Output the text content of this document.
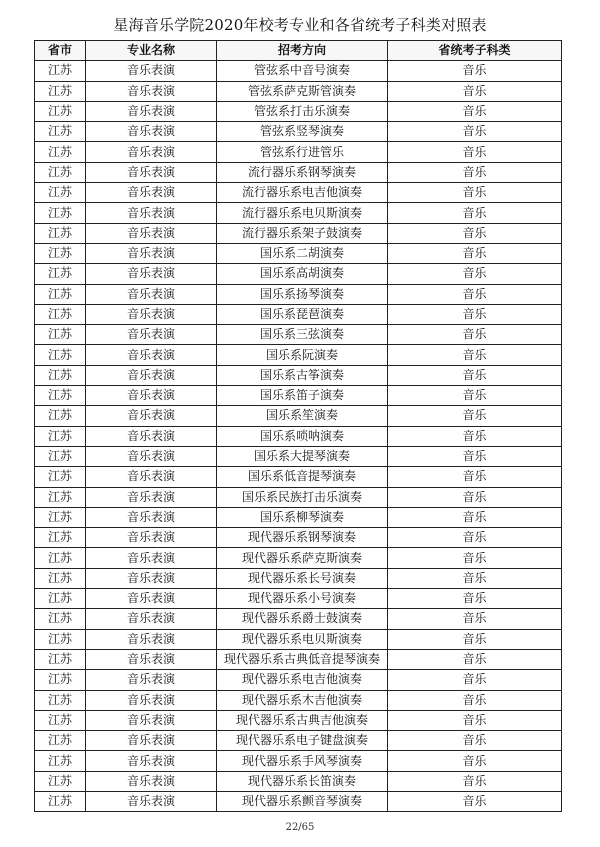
星海音乐学院2020年校考专业和各省统考子科类对照表
省市	专业名称	招考方向	省统考子科类
江苏	音乐表演	管弦系中音号演奏	音乐
江苏	音乐表演	管弦系萨克斯管演奏	音乐
江苏	音乐表演	管弦系打击乐演奏	音乐
江苏	音乐表演	管弦系竖琴演奏	音乐
江苏	音乐表演	管弦系行进管乐	音乐
江苏	音乐表演	流行器乐系钢琴演奏	音乐
江苏	音乐表演	流行器乐系电吉他演奏	音乐
江苏	音乐表演	流行器乐系电贝斯演奏	音乐
江苏	音乐表演	流行器乐系架子鼓演奏	音乐
江苏	音乐表演	国乐系二胡演奏	音乐
江苏	音乐表演	国乐系高胡演奏	音乐
江苏	音乐表演	国乐系扬琴演奏	音乐
江苏	音乐表演	国乐系琵琶演奏	音乐
江苏	音乐表演	国乐系三弦演奏	音乐
江苏	音乐表演	国乐系阮演奏	音乐
江苏	音乐表演	国乐系古筝演奏	音乐
江苏	音乐表演	国乐系笛子演奏	音乐
江苏	音乐表演	国乐系笙演奏	音乐
江苏	音乐表演	国乐系唢呐演奏	音乐
江苏	音乐表演	国乐系大提琴演奏	音乐
江苏	音乐表演	国乐系低音提琴演奏	音乐
江苏	音乐表演	国乐系民族打击乐演奏	音乐
江苏	音乐表演	国乐系柳琴演奏	音乐
江苏	音乐表演	现代器乐系钢琴演奏	音乐
江苏	音乐表演	现代器乐系萨克斯演奏	音乐
江苏	音乐表演	现代器乐系长号演奏	音乐
江苏	音乐表演	现代器乐系小号演奏	音乐
江苏	音乐表演	现代器乐系爵士鼓演奏	音乐
江苏	音乐表演	现代器乐系电贝斯演奏	音乐
江苏	音乐表演	现代器乐系古典低音提琴演奏	音乐
江苏	音乐表演	现代器乐系电吉他演奏	音乐
江苏	音乐表演	现代器乐系木吉他演奏	音乐
江苏	音乐表演	现代器乐系古典吉他演奏	音乐
江苏	音乐表演	现代器乐系电子键盘演奏	音乐
江苏	音乐表演	现代器乐系手风琴演奏	音乐
江苏	音乐表演	现代器乐系长笛演奏	音乐
江苏	音乐表演	现代器乐系颤音琴演奏	音乐
22/65
